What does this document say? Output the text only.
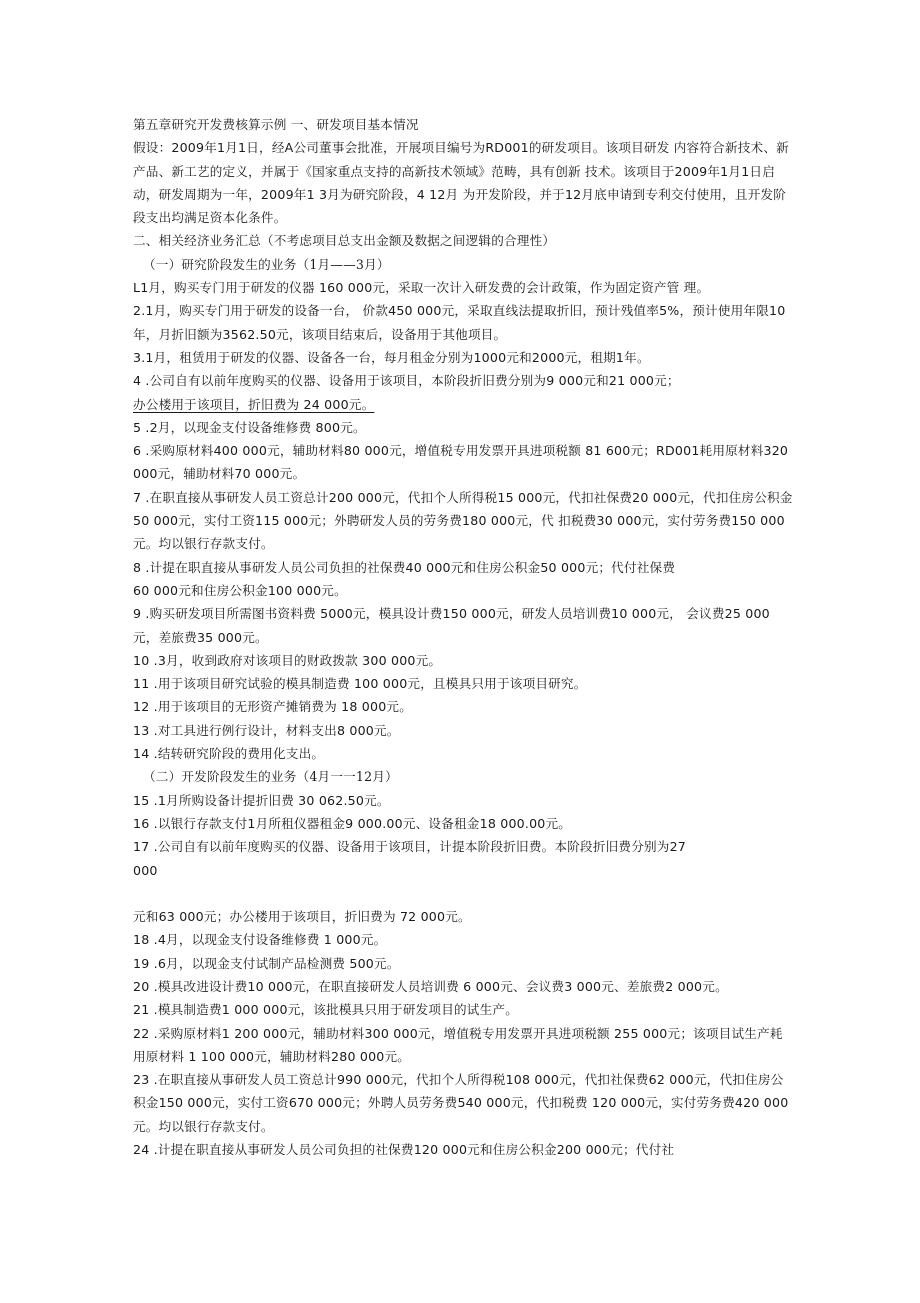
第五章研究开发费核算示例 一、研发项目基本情况

假设：2009年1月1日，经A公司董事会批准，开展项目编号为RD001的研发项目。该项目研发 内容符合新技术、新产品、新工艺的定义，并属于《国家重点支持的高新技术领域》范畴，具有创新 技术。该项目于2009年1月1日启动，研发周期为一年，2009年1 3月为研究阶段，4 12月 为开发阶段，并于12月底申请到专利交付使用，且开发阶段支出均满足资本化条件。

二、相关经济业务汇总（不考虑项目总支出金额及数据之间逻辑的合理性）

（一）研究阶段发生的业务（1月——3月）

L1月，购买专门用于研发的仪器 160 000元，采取一次计入研发费的会计政策，作为固定资产管 理。

2.1月，购买专门用于研发的设备一台， 价款450 000元，采取直线法提取折旧，预计残值率5%，预计使用年限10年，月折旧额为3562.50元，该项目结束后，设备用于其他项目。

3.1月，租赁用于研发的仪器、设备各一台，每月租金分别为1000元和2000元，租期1年。

4 .公司自有以前年度购买的仪器、设备用于该项目，本阶段折旧费分别为9 000元和21 000元；

办公楼用于该项目，折旧费为 24 000元。

5 .2月，以现金支付设备维修费 800元。

6 .采购原材料400 000元，辅助材料80 000元，增值税专用发票开具进项税额 81 600元；RD001耗用原材料320 000元，辅助材料70 000元。

7 .在职直接从事研发人员工资总计200 000元，代扣个人所得税15 000元，代扣社保费20 000元，代扣住房公积金50 000元，实付工资115 000元；外聘研发人员的劳务费180 000元，代 扣税费30 000元，实付劳务费150 000元。均以银行存款支付。

8 .计提在职直接从事研发人员公司负担的社保费40 000元和住房公积金50 000元；代付社保费

60 000元和住房公积金100 000元。

9 .购买研发项目所需图书资料费 5000元，模具设计费150 000元，研发人员培训费10 000元， 会议费25 000元，差旅费35 000元。

10 .3月，收到政府对该项目的财政拨款 300 000元。

11 .用于该项目研究试验的模具制造费 100 000元，且模具只用于该项目研究。

12 .用于该项目的无形资产摊销费为 18 000元。

13 .对工具进行例行设计，材料支出8 000元。

14 .结转研究阶段的费用化支出。

（二）开发阶段发生的业务（4月一一12月）

15 .1月所购设备计提折旧费 30 062.50元。

16 .以银行存款支付1月所租仪器租金9 000.00元、设备租金18 000.00元。

17 .公司自有以前年度购买的仪器、设备用于该项目，计提本阶段折旧费。本阶段折旧费分别为27

000

元和63 000元；办公楼用于该项目，折旧费为 72 000元。

18 .4月，以现金支付设备维修费 1 000元。

19 .6月，以现金支付试制产品检测费 500元。

20 .模具改进设计费10 000元，在职直接研发人员培训费 6 000元、会议费3 000元、差旅费2 000元。

21 .模具制造费1 000 000元，该批模具只用于研发项目的试生产。

22 .采购原材料1 200 000元，辅助材料300 000元，增值税专用发票开具进项税额 255 000元；该项目试生产耗用原材料 1 100 000元，辅助材料280 000元。

23 .在职直接从事研发人员工资总计990 000元，代扣个人所得税108 000元，代扣社保费62 000元，代扣住房公积金150 000元，实付工资670 000元；外聘人员劳务费540 000元，代扣税费 120 000元，实付劳务费420 000元。均以银行存款支付。

24 .计提在职直接从事研发人员公司负担的社保费120 000元和住房公积金200 000元；代付社
